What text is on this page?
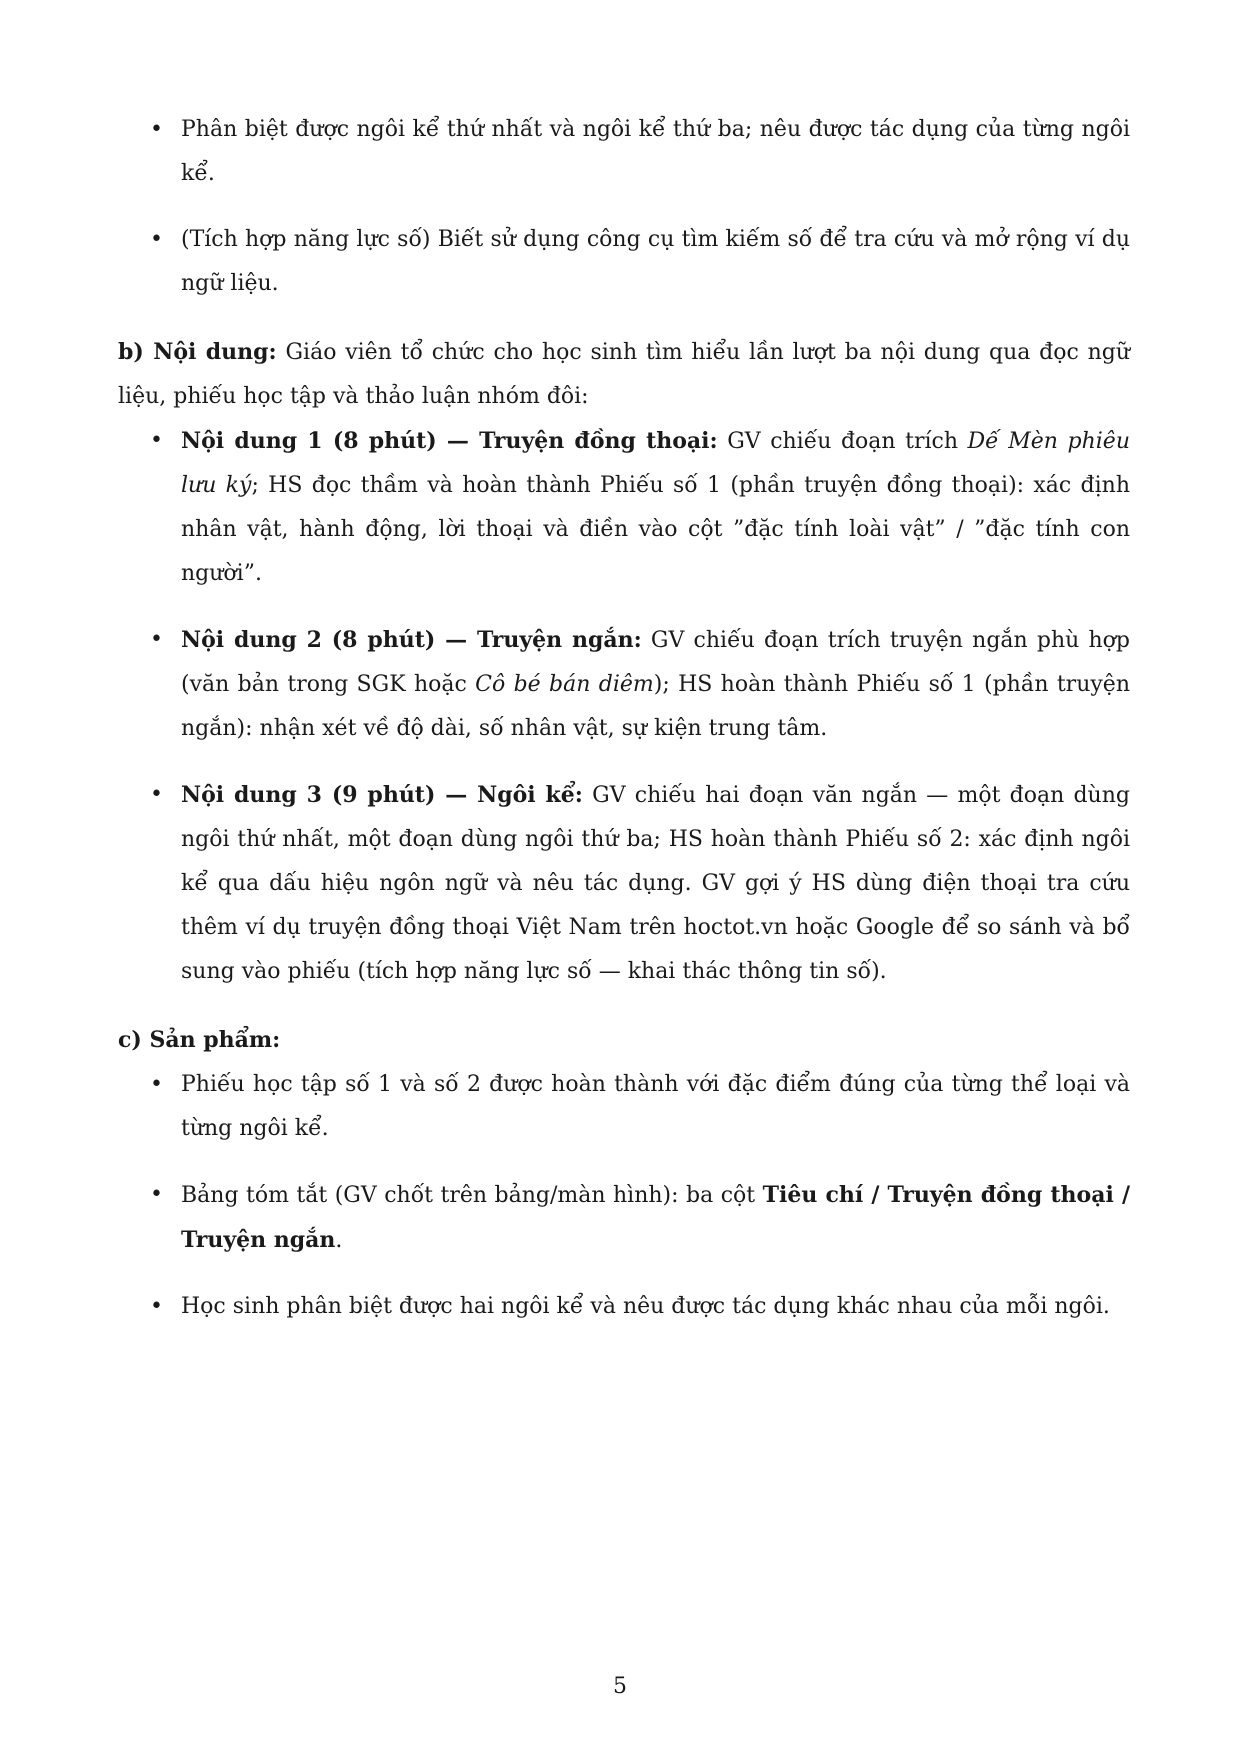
• Phân biệt được ngôi kể thứ nhất và ngôi kể thứ ba; nêu được tác dụng của từng ngôi kể.
• (Tích hợp năng lực số) Biết sử dụng công cụ tìm kiếm số để tra cứu và mở rộng ví dụ ngữ liệu.

b) Nội dung: Giáo viên tổ chức cho học sinh tìm hiểu lần lượt ba nội dung qua đọc ngữ liệu, phiếu học tập và thảo luận nhóm đôi:

• Nội dung 1 (8 phút) — Truyện đồng thoại: GV chiếu đoạn trích Dế Mèn phiêu lưu ký; HS đọc thầm và hoàn thành Phiếu số 1 (phần truyện đồng thoại): xác định nhân vật, hành động, lời thoại và điền vào cột ”đặc tính loài vật” / ”đặc tính con người”.
• Nội dung 2 (8 phút) — Truyện ngắn: GV chiếu đoạn trích truyện ngắn phù hợp (văn bản trong SGK hoặc Cô bé bán diêm); HS hoàn thành Phiếu số 1 (phần truyện ngắn): nhận xét về độ dài, số nhân vật, sự kiện trung tâm.
• Nội dung 3 (9 phút) — Ngôi kể: GV chiếu hai đoạn văn ngắn — một đoạn dùng ngôi thứ nhất, một đoạn dùng ngôi thứ ba; HS hoàn thành Phiếu số 2: xác định ngôi kể qua dấu hiệu ngôn ngữ và nêu tác dụng. GV gợi ý HS dùng điện thoại tra cứu thêm ví dụ truyện đồng thoại Việt Nam trên hoctot.vn hoặc Google để so sánh và bổ sung vào phiếu (tích hợp năng lực số — khai thác thông tin số).

c) Sản phẩm:

• Phiếu học tập số 1 và số 2 được hoàn thành với đặc điểm đúng của từng thể loại và từng ngôi kể.
• Bảng tóm tắt (GV chốt trên bảng/màn hình): ba cột Tiêu chí / Truyện đồng thoại / Truyện ngắn.
• Học sinh phân biệt được hai ngôi kể và nêu được tác dụng khác nhau của mỗi ngôi.
5
